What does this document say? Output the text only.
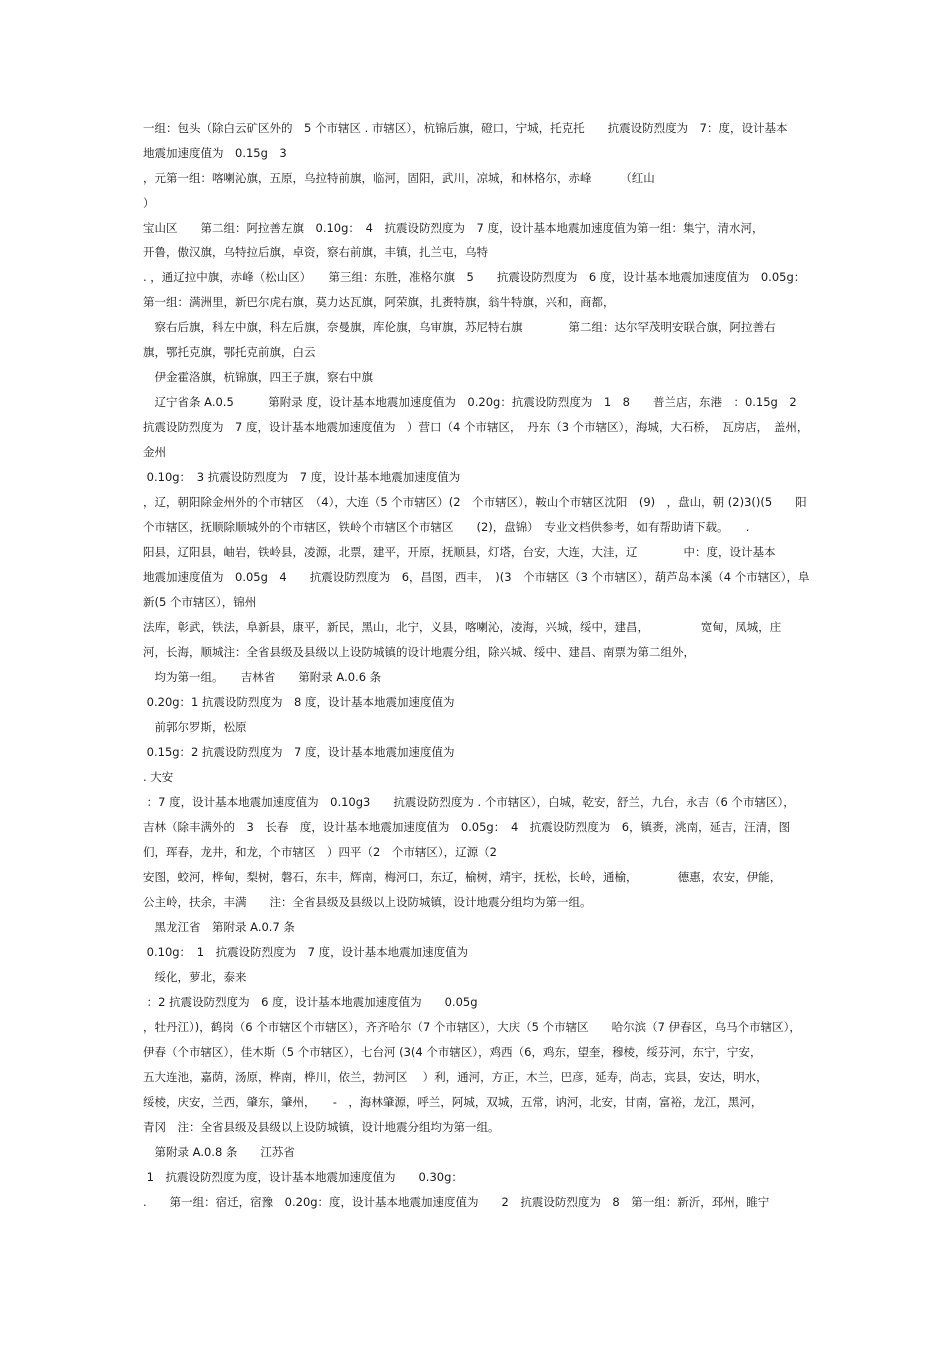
一组：包头（除白云矿区外的　5 个市辖区 . 市辖区），杭锦后旗，磴口，宁城，托克托　　抗震设防烈度为　7：度，设计基本
地震加速度值为　0.15g　3
，元第一组：喀喇沁旗，五原，乌拉特前旗，临河，固阳，武川，凉城，和林格尔，赤峰　　　（红山
）
宝山区　　第二组：阿拉善左旗　0.10g：　4　抗震设防烈度为　7 度，设计基本地震加速度值为第一组：集宁，清水河，
开鲁，傲汉旗，乌特拉后旗，卓资，察右前旗，丰镇，扎兰屯，乌特
. ，通辽拉中旗，赤峰（松山区）　　第三组：东胜，准格尔旗　5　　抗震设防烈度为　6 度，设计基本地震加速度值为　0.05g：
第一组：满洲里，新巴尔虎右旗，莫力达瓦旗，阿荣旗，扎赉特旗，翁牛特旗，兴和，商都，
　察右后旗，科左中旗，科左后旗，奈曼旗，库伦旗，乌审旗，苏尼特右旗　　　　第二组：达尔罕茂明安联合旗，阿拉善右
旗，鄂托克旗，鄂托克前旗，白云
　伊金霍洛旗，杭锦旗，四王子旗，察右中旗
　辽宁省条 A.0.5　　　第附录 度，设计基本地震加速度值为　0.20g：抗震设防烈度为　1　8　　普兰店，东港　：0.15g　2
抗震设防烈度为　7 度，设计基本地震加速度值为　）营口（4 个市辖区，　丹东（3 个市辖区），海城，大石桥，　瓦房店，　盖州，
金州
0.10g：　3 抗震设防烈度为　7 度，设计基本地震加速度值为
，辽，朝阳除金州外的个市辖区　（4），大连（5 个市辖区）(2　个市辖区），鞍山个市辖区沈阳　(9)　，盘山，朝 (2)3()(5　　阳
个市辖区，抚顺除顺城外的个市辖区，铁岭个市辖区个市辖区　　(2)，盘锦）　专业文档供参考，如有帮助请下载。　　.
阳县，辽阳县，岫岩，铁岭县，凌源，北票，建平，开原，抚顺县，灯塔，台安，大连，大洼，辽　　　　中：度，设计基本
地震加速度值为　0.05g　4　　抗震设防烈度为　6，昌图，西丰，　)(3　个市辖区（3 个市辖区），葫芦岛本溪（4 个市辖区），阜
新(5 个市辖区），锦州
法库，彰武，铁法，阜新县，康平，新民，黑山，北宁，义县，喀喇沁，凌海，兴城，绥中，建昌，　　　　　宽甸，凤城，庄
河，长海，顺城注：全省县级及县级以上设防城镇的设计地震分组，除兴城、绥中、建昌、南票为第二组外，
　均为第一组。　　吉林省　　第附录 A.0.6 条
0.20g：1 抗震设防烈度为　8 度，设计基本地震加速度值为
　前郭尔罗斯，松原
0.15g：2 抗震设防烈度为　7 度，设计基本地震加速度值为
. 大安
：7 度，设计基本地震加速度值为　0.10g3　　抗震设防烈度为 . 个市辖区），白城，乾安，舒兰，九台，永吉（6 个市辖区），
吉林（除丰满外的　3　长春　度，设计基本地震加速度值为　0.05g：　4　抗震设防烈度为　6，镇赉，洮南，延吉，汪清，图
们，珲春，龙井，和龙，个市辖区　）四平（2　个市辖区），辽源（2
安图，蛟河，桦甸，梨树，磐石，东丰，辉南，梅河口，东辽，榆树，靖宇，抚松，长岭，通榆，　　　　德惠，农安，伊能，
公主岭，扶余，丰满　　注：全省县级及县级以上设防城镇，设计地震分组均为第一组。
　黑龙江省　第附录 A.0.7 条
0.10g：　1　抗震设防烈度为　7 度，设计基本地震加速度值为
　绥化，萝北，泰来
：2 抗震设防烈度为　6 度，设计基本地震加速度值为　　0.05g
，牡丹江）)，鹤岗（6 个市辖区个市辖区），齐齐哈尔（7 个市辖区），大庆（5 个市辖区　　哈尔滨（7 伊春区，乌马个市辖区），
伊春（个市辖区），佳木斯（5 个市辖区），七台河 (3(4 个市辖区），鸡西（6，鸡东，望奎，穆棱，绥芬河，东宁，宁安，
五大连池，嘉荫，汤原，桦南，桦川，依兰，勃河区　 ）利，通河，方正，木兰，巴彦，延寿，尚志，宾县，安达，明水，
绥棱，庆安，兰西，肇东，肇州，　　-　，海林肇源，呼兰，阿城，双城，五常，讷河，北安，甘南，富裕，龙江，黑河，
青冈　注：全省县级及县级以上设防城镇，设计地震分组均为第一组。
　第附录 A.0.8 条　　江苏省
1　抗震设防烈度为度，设计基本地震加速度值为　　0.30g：
.　　第一组：宿迁，宿豫　0.20g：度，设计基本地震加速度值为　　2　抗震设防烈度为　8　第一组：新沂，邳州，睢宁
